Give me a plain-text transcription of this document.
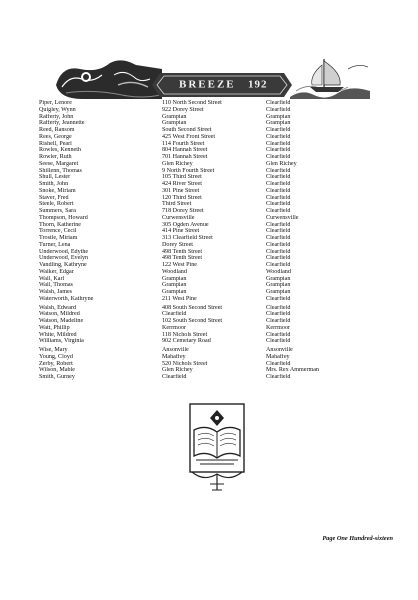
BREEZE 192
Piper, Lenore	110 North Second Street	Clearfield
Quigley, Wynn	922 Dorey Street	Clearfield
Rafferty, John	Grampian	Grampian
Rafferty, Jeannette	Grampian	Grampian
Reed, Ransom	South Second Street	Clearfield
Rees, George	425 West Front Street	Clearfield
Rishell, Pearl	114 Fourth Street	Clearfield
Rowles, Kenneth	804 Hannah Street	Clearfield
Rowler, Ruth	701 Hannah Street	Clearfield
Seese, Margaret	Glen Richey	Glen Richey
Shillenn, Thomas	9 North Fourth Street	Clearfield
Shull, Lester	105 Third Street	Clearfield
Smith, John	424 River Street	Clearfield
Snoke, Miriam	301 Pine Street	Clearfield
Staver, Fred	120 Third Street	Clearfield
Steele, Robert	Third Street	Clearfield
Summers, Sara	718 Dorey Street	Clearfield
Thompson, Howard	Curwensville	Curwensville
Thorn, Katherine	305 Ogden Avenue	Clearfield
Torrence, Cecil	414 Pine Street	Clearfield
Trostle, Miriam	313 Clearfield Street	Clearfield
Turner, Lena	Dorey Street	Clearfield
Underwood, Edythe	498 Tenth Street	Clearfield
Underwood, Evelyn	498 Tenth Street	Clearfield
Vandling, Kathryne	122 West Pine	Clearfield
Walker, Edgar	Woodland	Woodland
Wall, Karl	Grampian	Grampian
Wall, Thomas	Grampian	Grampian
Walsh, James	Grampian	Grampian
Waterworth, Kathryne	211 West Pine	Clearfield
Walsh, Edward	408 South Second Street	Clearfield
Watson, Mildred	Clearfield	Clearfield
Watson, Madeline	102 South Second Street	Clearfield
Watt, Phillip	Kerrmoor	Kerrmoor
White, Mildred	118 Nichols Street	Clearfield
Williams, Virginia	902 Cemetary Road	Clearfield
Wise, Mary	Ansonville	Ansonville
Young, Cloyd	Mahaffey	Mahaffey
Zerby, Robert	520 Nichols Street	Clearfield
Wilson, Mable	Glen Richey	Mrs. Rex Ammerman
Smith, Gurney	Clearfield	Clearfield
Page One Hundred-sixteen
